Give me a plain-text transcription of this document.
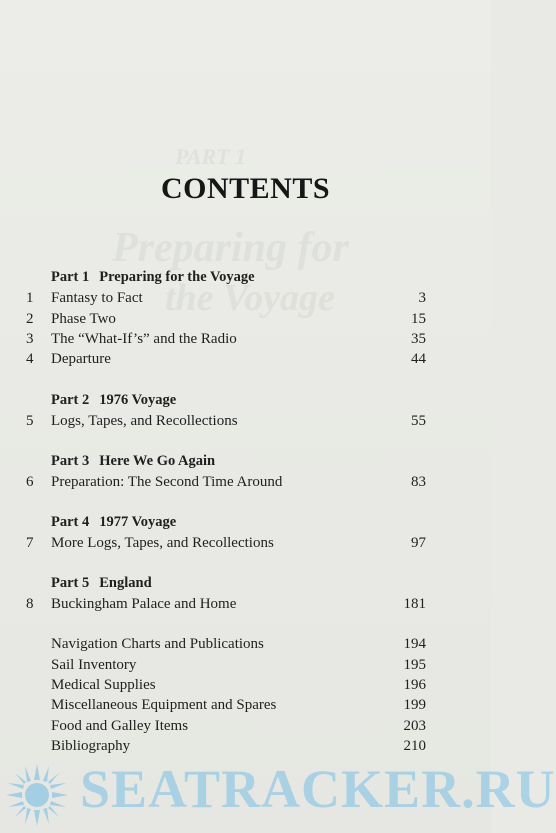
PART 1
Preparing for
the Voyage
CONTENTS
Part 1 Preparing for the Voyage
1	Fantasy to Fact	3
2	Phase Two	15
3	The “What-If’s” and the Radio	35
4	Departure	44
Part 2 1976 Voyage
5	Logs, Tapes, and Recollections	55
Part 3 Here We Go Again
6	Preparation: The Second Time Around	83
Part 4 1977 Voyage
7	More Logs, Tapes, and Recollections	97
Part 5 England
8	Buckingham Palace and Home	181
Navigation Charts and Publications	194
Sail Inventory	195
Medical Supplies	196
Miscellaneous Equipment and Spares	199
Food and Galley Items	203
Bibliography	210
SEATRACKER.RU
